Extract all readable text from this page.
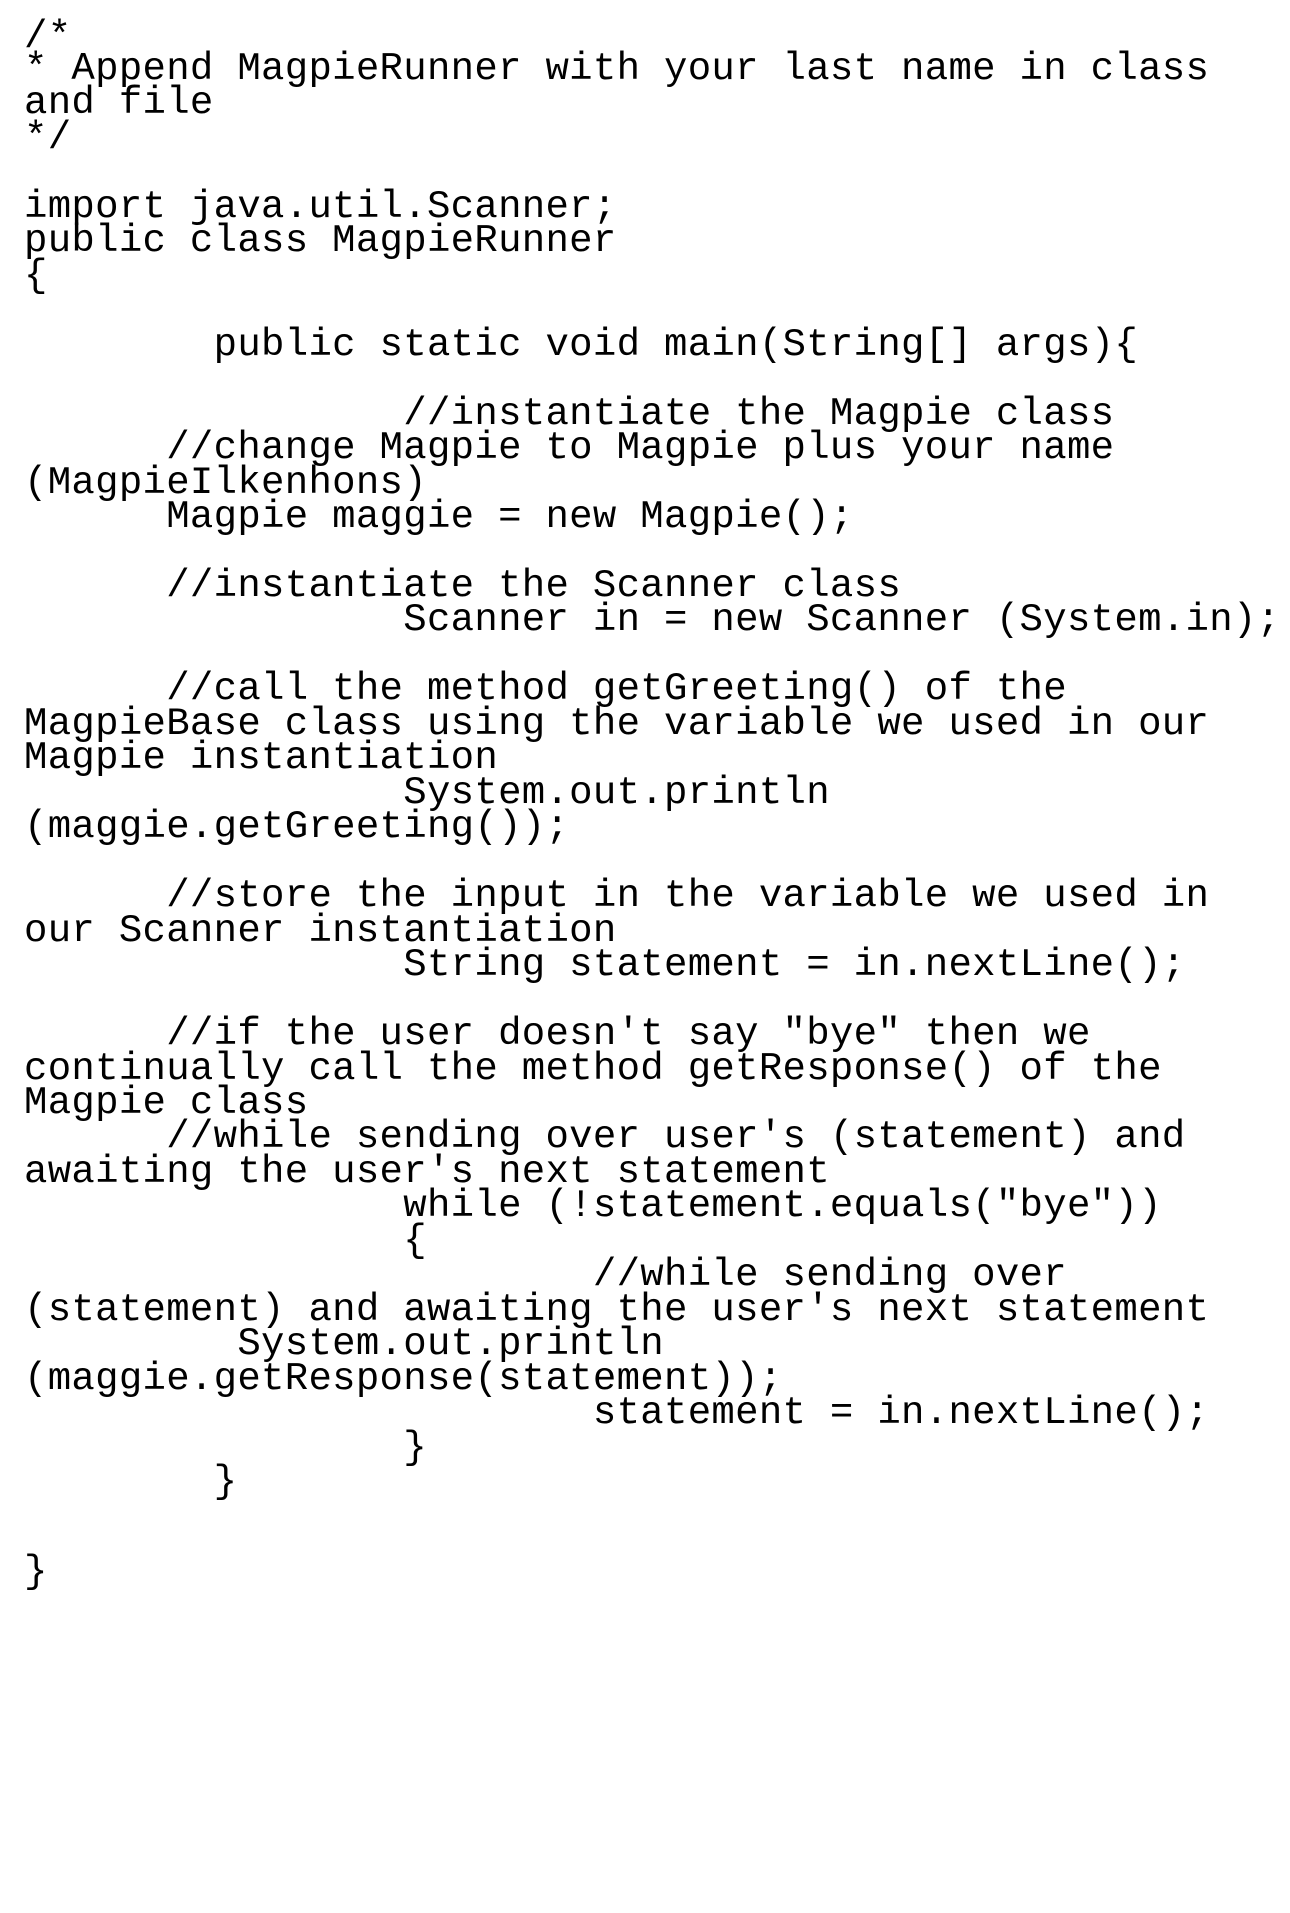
/*
* Append MagpieRunner with your last name in class
and file
*/
import java.util.Scanner;
public class MagpieRunner
{
public static void main(String[] args){
//instantiate the Magpie class
//change Magpie to Magpie plus your name
(MagpieIlkenhons)
Magpie maggie = new Magpie();
//instantiate the Scanner class
Scanner in = new Scanner (System.in);
//call the method getGreeting() of the
MagpieBase class using the variable we used in our
Magpie instantiation
System.out.println
(maggie.getGreeting());
//store the input in the variable we used in
our Scanner instantiation
String statement = in.nextLine();
//if the user doesn't say "bye" then we
continually call the method getResponse() of the
Magpie class
//while sending over user's (statement) and
awaiting the user's next statement
while (!statement.equals("bye"))
{
//while sending over
(statement) and awaiting the user's next statement
System.out.println
(maggie.getResponse(statement));
statement = in.nextLine();
}
}
}
